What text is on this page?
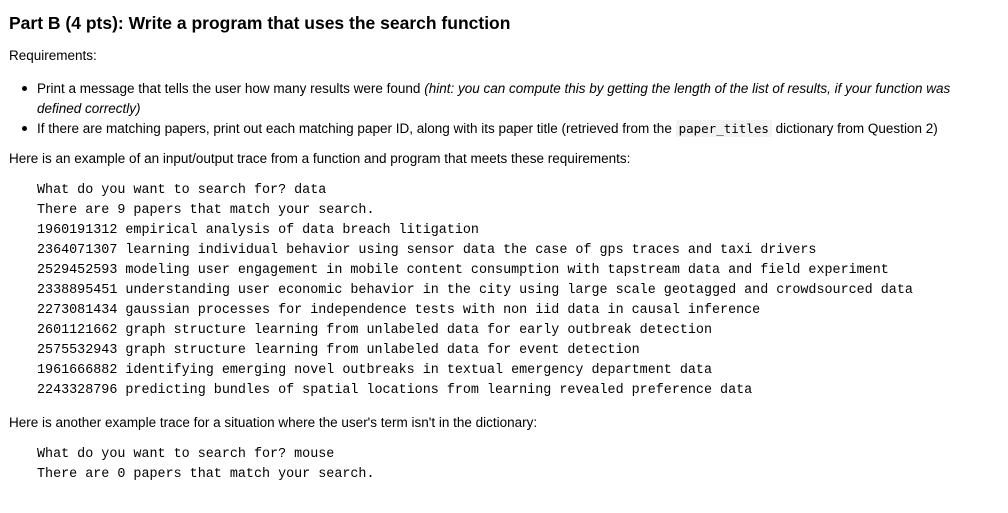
Part B (4 pts): Write a program that uses the search function

Requirements:

Print a message that tells the user how many results were found (hint: you can compute this by getting the length of the list of results, if your function was defined correctly)
If there are matching papers, print out each matching paper ID, along with its paper title (retrieved from the paper_titles dictionary from Question 2)

Here is an example of an input/output trace from a function and program that meets these requirements:

What do you want to search for? data
There are 9 papers that match your search.
1960191312 empirical analysis of data breach litigation
2364071307 learning individual behavior using sensor data the case of gps traces and taxi drivers
2529452593 modeling user engagement in mobile content consumption with tapstream data and field experiment
2338895451 understanding user economic behavior in the city using large scale geotagged and crowdsourced data
2273081434 gaussian processes for independence tests with non iid data in causal inference
2601121662 graph structure learning from unlabeled data for early outbreak detection
2575532943 graph structure learning from unlabeled data for event detection
1961666882 identifying emerging novel outbreaks in textual emergency department data
2243328796 predicting bundles of spatial locations from learning revealed preference data

Here is another example trace for a situation where the user's term isn't in the dictionary:

What do you want to search for? mouse
There are 0 papers that match your search.
